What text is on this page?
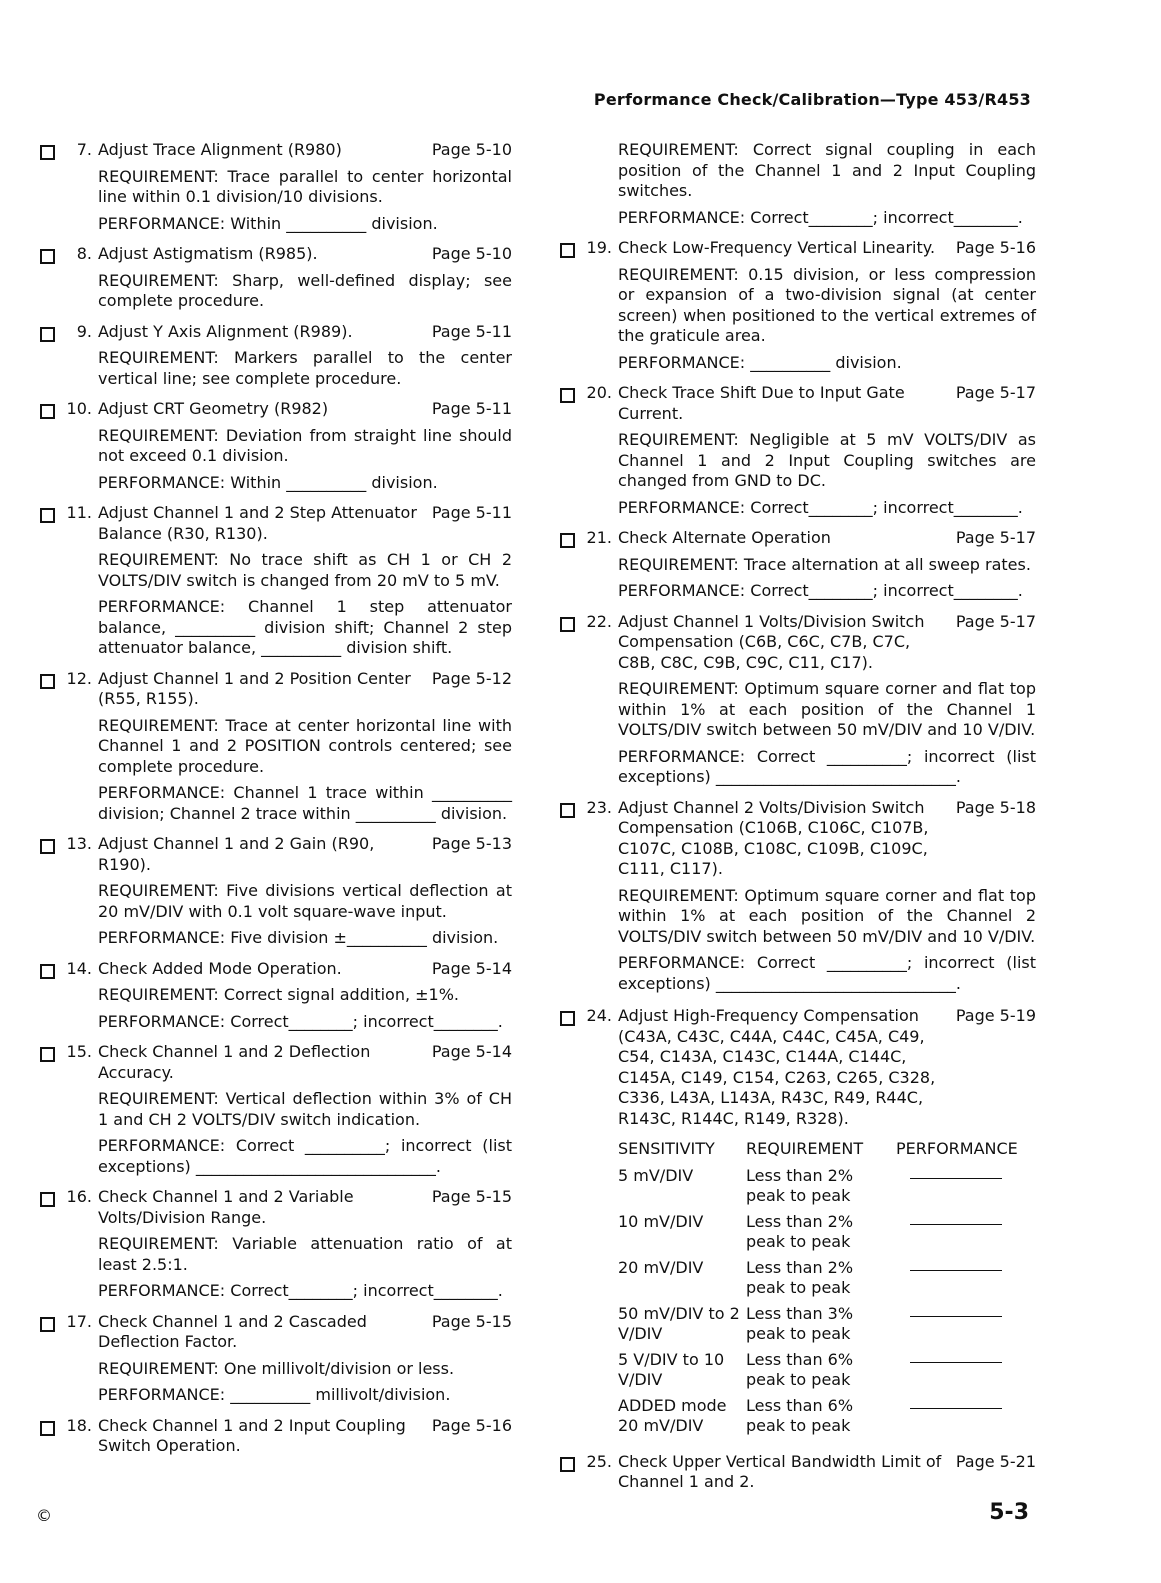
Performance Check/Calibration—Type 453/R453
7. Adjust Trace Alignment (R980)	Page 5-10
REQUIREMENT: Trace parallel to center horizontal line within 0.1 division/10 divisions.
PERFORMANCE: Within __________ division.
8. Adjust Astigmatism (R985).	Page 5-10
REQUIREMENT: Sharp, well-defined display; see complete procedure.
9. Adjust Y Axis Alignment (R989).	Page 5-11
REQUIREMENT: Markers parallel to the center vertical line; see complete procedure.
10. Adjust CRT Geometry (R982)	Page 5-11
REQUIREMENT: Deviation from straight line should not exceed 0.1 division.
PERFORMANCE: Within __________ division.
11. Adjust Channel 1 and 2 Step Attenuator Balance (R30, R130).
Page 5-11
REQUIREMENT: No trace shift as CH 1 or CH 2 VOLTS/DIV switch is changed from 20 mV to 5 mV.
PERFORMANCE: Channel 1 step attenuator balance, __________ division shift; Channel 2 step attenuator balance, __________ division shift.
12. Adjust Channel 1 and 2 Position Center (R55, R155).
Page 5-12
REQUIREMENT: Trace at center horizontal line with Channel 1 and 2 POSITION controls centered; see complete procedure.
PERFORMANCE: Channel 1 trace within __________ division; Channel 2 trace within __________ division.
13. Adjust Channel 1 and 2 Gain (R90, R190).
Page 5-13
REQUIREMENT: Five divisions vertical deflection at 20 mV/DIV with 0.1 volt square-wave input.
PERFORMANCE: Five division ±__________ division.
14. Check Added Mode Operation.	Page 5-14
REQUIREMENT: Correct signal addition, ±1%.
PERFORMANCE: Correct________; incorrect________.
15. Check Channel 1 and 2 Deflection Accuracy.
Page 5-14
REQUIREMENT: Vertical deflection within 3% of CH 1 and CH 2 VOLTS/DIV switch indication.
PERFORMANCE: Correct __________; incorrect (list exceptions) ______________________________.
16. Check Channel 1 and 2 Variable Volts/Division Range.
Page 5-15
REQUIREMENT: Variable attenuation ratio of at least 2.5:1.
PERFORMANCE: Correct________; incorrect________.
17. Check Channel 1 and 2 Cascaded Deflection Factor.
Page 5-15
REQUIREMENT: One millivolt/division or less.
PERFORMANCE: __________ millivolt/division.
18. Check Channel 1 and 2 Input Coupling Switch Operation.
Page 5-16
REQUIREMENT: Correct signal coupling in each position of the Channel 1 and 2 Input Coupling switches.
PERFORMANCE: Correct________; incorrect________.
19. Check Low-Frequency Vertical Linearity.	Page 5-16
REQUIREMENT: 0.15 division, or less compression or expansion of a two-division signal (at center screen) when positioned to the vertical extremes of the graticule area.
PERFORMANCE: __________ division.
20. Check Trace Shift Due to Input Gate Current.
Page 5-17
REQUIREMENT: Negligible at 5 mV VOLTS/DIV as Channel 1 and 2 Input Coupling switches are changed from GND to DC.
PERFORMANCE: Correct________; incorrect________.
21. Check Alternate Operation	Page 5-17
REQUIREMENT: Trace alternation at all sweep rates.
PERFORMANCE: Correct________; incorrect________.
22. Adjust Channel 1 Volts/Division Switch Compensation (C6B, C6C, C7B, C7C, C8B, C8C, C9B, C9C, C11, C17).
Page 5-17
REQUIREMENT: Optimum square corner and flat top within 1% at each position of the Channel 1 VOLTS/DIV switch between 50 mV/DIV and 10 V/DIV.
PERFORMANCE: Correct __________; incorrect (list exceptions) ______________________________.
23. Adjust Channel 2 Volts/Division Switch Compensation (C106B, C106C, C107B, C107C, C108B, C108C, C109B, C109C, C111, C117).
Page 5-18
REQUIREMENT: Optimum square corner and flat top within 1% at each position of the Channel 2 VOLTS/DIV switch between 50 mV/DIV and 10 V/DIV.
PERFORMANCE: Correct __________; incorrect (list exceptions) ______________________________.
24. Adjust High-Frequency Compensation (C43A, C43C, C44A, C44C, C45A, C49, C54, C143A, C143C, C144A, C144C, C145A, C149, C154, C263, C265, C328, C336, L43A, L143A, R43C, R49, R44C, R143C, R144C, R149, R328).
Page 5-19
SENSITIVITY	REQUIREMENT	PERFORMANCE
5 mV/DIV	Less than 2% peak to peak	

10 mV/DIV	Less than 2% peak to peak	

20 mV/DIV	Less than 2% peak to peak	

50 mV/DIV to 2 V/DIV	Less than 3% peak to peak	

5 V/DIV to 10 V/DIV	Less than 6% peak to peak	

ADDED mode 20 mV/DIV	Less than 6% peak to peak	
25. Check Upper Vertical Bandwidth Limit of Channel 1 and 2.
Page 5-21
©	5-3
